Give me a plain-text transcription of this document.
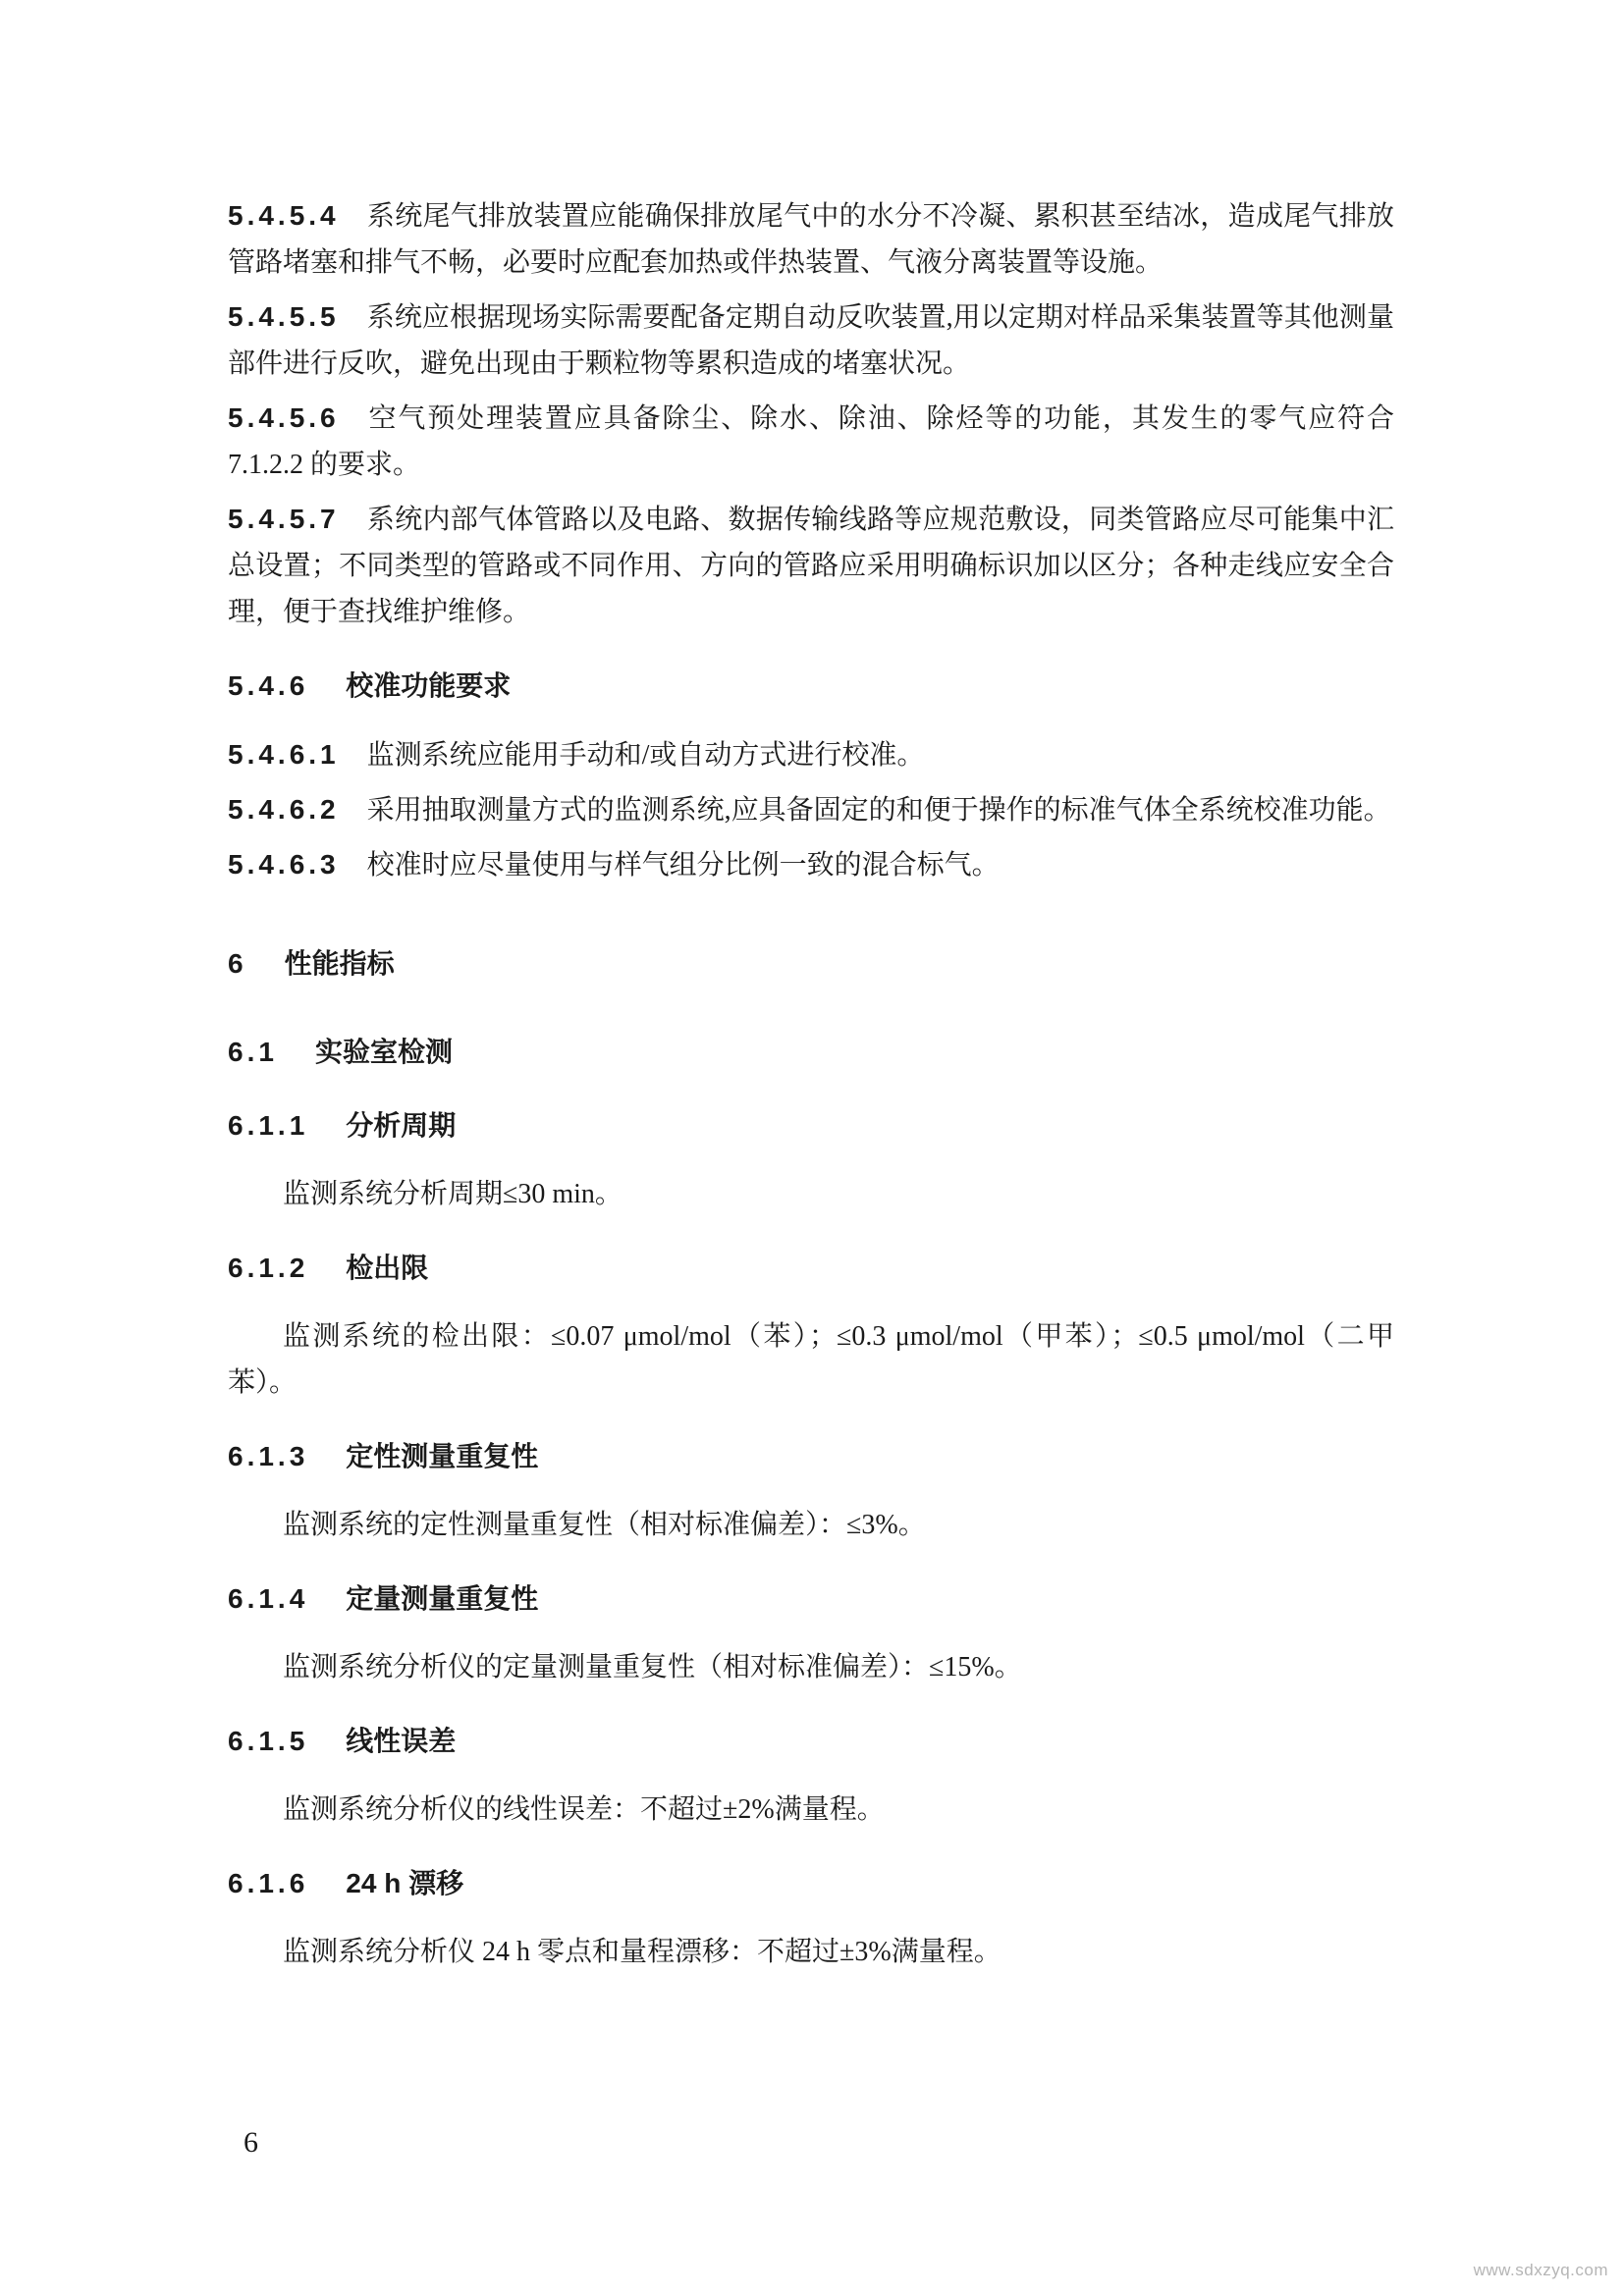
5.4.5.4 系统尾气排放装置应能确保排放尾气中的水分不冷凝、累积甚至结冰，造成尾气排放管路堵塞和排气不畅，必要时应配套加热或伴热装置、气液分离装置等设施。

5.4.5.5 系统应根据现场实际需要配备定期自动反吹装置,用以定期对样品采集装置等其他测量部件进行反吹，避免出现由于颗粒物等累积造成的堵塞状况。

5.4.5.6 空气预处理装置应具备除尘、除水、除油、除烃等的功能，其发生的零气应符合 7.1.2.2 的要求。

5.4.5.7 系统内部气体管路以及电路、数据传输线路等应规范敷设，同类管路应尽可能集中汇总设置；不同类型的管路或不同作用、方向的管路应采用明确标识加以区分；各种走线应安全合理，便于查找维护维修。

5.4.6 校准功能要求

5.4.6.1 监测系统应能用手动和/或自动方式进行校准。

5.4.6.2 采用抽取测量方式的监测系统,应具备固定的和便于操作的标准气体全系统校准功能。

5.4.6.3 校准时应尽量使用与样气组分比例一致的混合标气。

6 性能指标
6.1 实验室检测
6.1.1 分析周期

监测系统分析周期≤30 min。

6.1.2 检出限

监测系统的检出限：≤0.07 μmol/mol（苯）；≤0.3 μmol/mol（甲苯）；≤0.5 μmol/mol（二甲苯）。

6.1.3 定性测量重复性

监测系统的定性测量重复性（相对标准偏差）：≤3%。

6.1.4 定量测量重复性

监测系统分析仪的定量测量重复性（相对标准偏差）：≤15%。

6.1.5 线性误差

监测系统分析仪的线性误差：不超过±2%满量程。

6.1.6 24 h 漂移

监测系统分析仪 24 h 零点和量程漂移：不超过±3%满量程。

6
www.sdxzyq.com
